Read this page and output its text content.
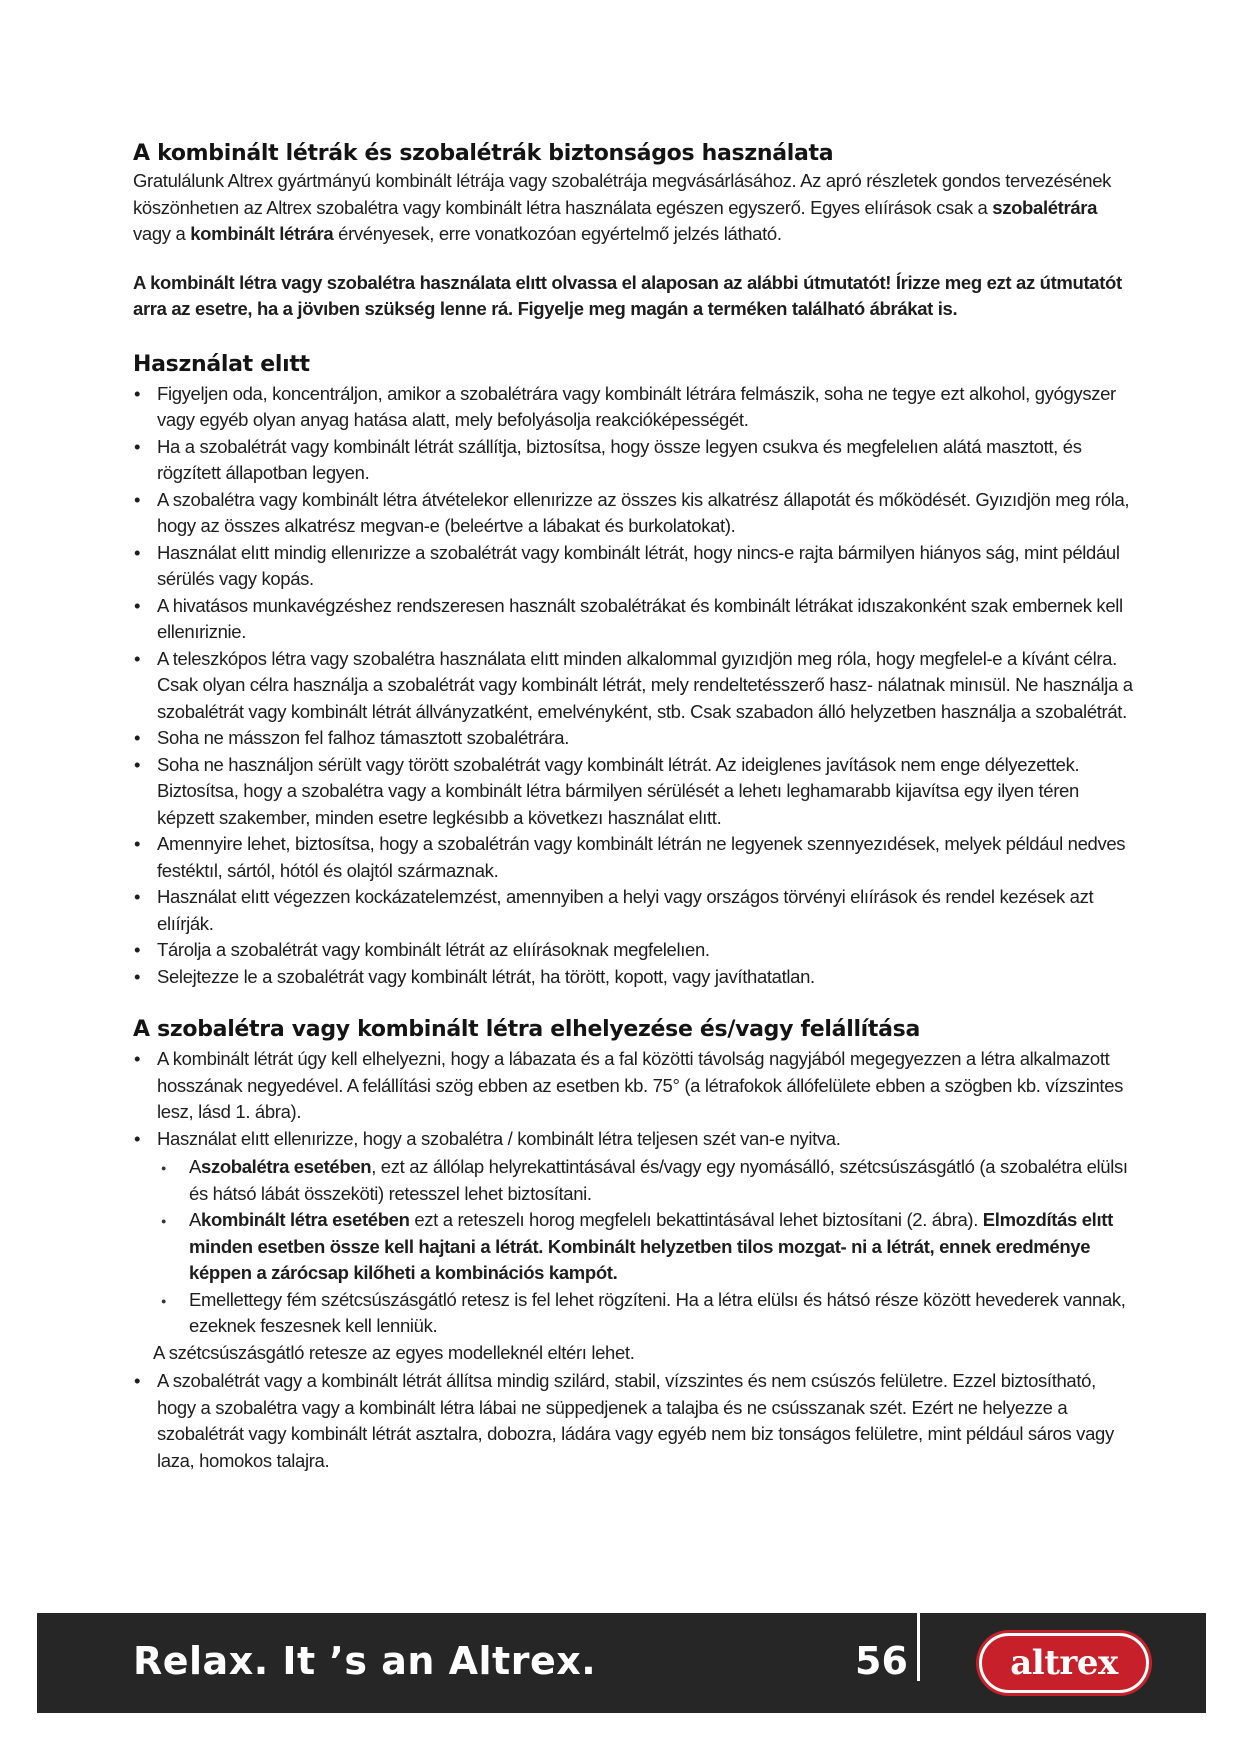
A kombinált létrák és szobalétrák biztonságos használata

Gratulálunk Altrex gyártmányú kombinált létrája vagy szobalétrája megvásárlásához. Az apró részletek gondos tervezésének köszönhetıen az Altrex szobalétra vagy kombinált létra használata egészen egyszerő. Egyes elıírások csak a szobalétrára vagy a kombinált létrára érvényesek, erre vonatkozóan egyértelmő jelzés látható.

A kombinált létra vagy szobalétra használata elıtt olvassa el alaposan az alábbi útmutatót! Írizze meg ezt az útmutatót arra az esetre, ha a jövıben szükség lenne rá. Figyelje meg magán a terméken található ábrákat is.

Használat elıtt
• Figyeljen oda, koncentráljon, amikor a szobalétrára vagy kombinált létrára felmászik, soha ne tegye ezt alkohol, gyógyszer vagy egyéb olyan anyag hatása alatt, mely befolyásolja reakcióképességét.
• Ha a szobalétrát vagy kombinált létrát szállítja, biztosítsa, hogy össze legyen csukva és megfelelıen alátá masztott, és rögzített állapotban legyen.
• A szobalétra vagy kombinált létra átvételekor ellenırizze az összes kis alkatrész állapotát és mőködését. Gyızıdjön meg róla, hogy az összes alkatrész megvan-e (beleértve a lábakat és burkolatokat).
• Használat elıtt mindig ellenırizze a szobalétrát vagy kombinált létrát, hogy nincs-e rajta bármilyen hiányos ság, mint például sérülés vagy kopás.
• A hivatásos munkavégzéshez rendszeresen használt szobalétrákat és kombinált létrákat idıszakonként szak embernek kell ellenıriznie.
• A teleszkópos létra vagy szobalétra használata elıtt minden alkalommal gyızıdjön meg róla, hogy megfelel-e a kívánt célra. Csak olyan célra használja a szobalétrát vagy kombinált létrát, mely rendeltetésszerő hasz- nálatnak minısül. Ne használja a szobalétrát vagy kombinált létrát állványzatként, emelvényként, stb. Csak szabadon álló helyzetben használja a szobalétrát.
• Soha ne másszon fel falhoz támasztott szobalétrára.
• Soha ne használjon sérült vagy törött szobalétrát vagy kombinált létrát. Az ideiglenes javítások nem enge délyezettek. Biztosítsa, hogy a szobalétra vagy a kombinált létra bármilyen sérülését a lehetı leghamarabb kijavítsa egy ilyen téren képzett szakember, minden esetre legkésıbb a következı használat elıtt.
• Amennyire lehet, biztosítsa, hogy a szobalétrán vagy kombinált létrán ne legyenek szennyezıdések, melyek például nedves festéktıl, sártól, hótól és olajtól származnak.
• Használat elıtt végezzen kockázatelemzést, amennyiben a helyi vagy országos törvényi elıírások és rendel kezések azt elıírják.
• Tárolja a szobalétrát vagy kombinált létrát az elıírásoknak megfelelıen.
• Selejtezze le a szobalétrát vagy kombinált létrát, ha törött, kopott, vagy javíthatatlan.
A szobalétra vagy kombinált létra elhelyezése és/vagy felállítása
• A kombinált létrát úgy kell elhelyezni, hogy a lábazata és a fal közötti távolság nagyjából megegyezzen a létra alkalmazott hosszának negyedével. A felállítási szög ebben az esetben kb. 75° (a létrafokok állófelülete ebben a szögben kb. vízszintes lesz, lásd 1. ábra).
• Használat elıtt ellenırizze, hogy a szobalétra / kombinált létra teljesen szét van-e nyitva.
● Aszobalétra esetében, ezt az állólap helyrekattintásával és/vagy egy nyomásálló, szétcsúszásgátló (a szobalétra elülsı és hátsó lábát összeköti) retesszel lehet biztosítani.
● Akombinált létra esetében ezt a reteszelı horog megfelelı bekattintásával lehet biztosítani (2. ábra). Elmozdítás elıtt minden esetben össze kell hajtani a létrát. Kombinált helyzetben tilos mozgat- ni a létrát, ennek eredménye képpen a zárócsap kilőheti a kombinációs kampót.
● Emellettegy fém szétcsúszásgátló retesz is fel lehet rögzíteni. Ha a létra elülsı és hátsó része között hevederek vannak, ezeknek feszesnek kell lenniük.

A szétcsúszásgátló retesze az egyes modelleknél eltérı lehet.

• A szobalétrát vagy a kombinált létrát állítsa mindig szilárd, stabil, vízszintes és nem csúszós felületre. Ezzel biztosítható, hogy a szobalétra vagy a kombinált létra lábai ne süppedjenek a talajba és ne csússzanak szét. Ezért ne helyezze a szobalétrát vagy kombinált létrát asztalra, dobozra, ládára vagy egyéb nem biz tonságos felületre, mint például sáros vagy laza, homokos talajra.
Relax. It ’s an Altrex.	56	altrex
